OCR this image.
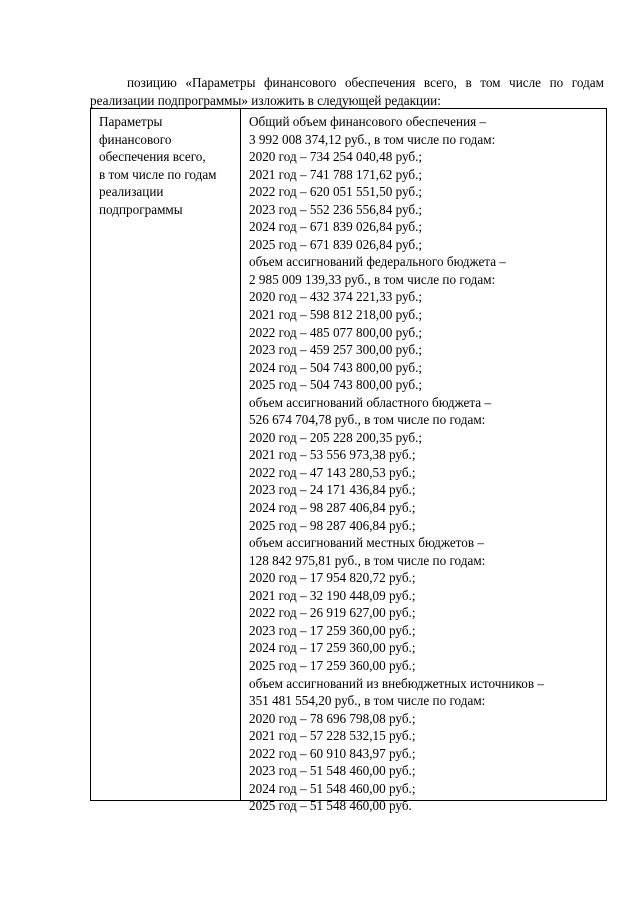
позицию «Параметры финансового обеспечения всего, в том числе по годам реализации подпрограммы» изложить в следующей редакции:

Параметры
финансового
обеспечения всего,
в том числе по годам
реализации
подпрограммы
Общий объем финансового обеспечения –
3 992 008 374,12 руб., в том числе по годам:
2020 год – 734 254 040,48 руб.;
2021 год – 741 788 171,62 руб.;
2022 год – 620 051 551,50 руб.;
2023 год – 552 236 556,84 руб.;
2024 год – 671 839 026,84 руб.;
2025 год – 671 839 026,84 руб.;
объем ассигнований федерального бюджета –
2 985 009 139,33 руб., в том числе по годам:
2020 год – 432 374 221,33 руб.;
2021 год – 598 812 218,00 руб.;
2022 год – 485 077 800,00 руб.;
2023 год – 459 257 300,00 руб.;
2024 год – 504 743 800,00 руб.;
2025 год – 504 743 800,00 руб.;
объем ассигнований областного бюджета –
526 674 704,78 руб., в том числе по годам:
2020 год – 205 228 200,35 руб.;
2021 год – 53 556 973,38 руб.;
2022 год – 47 143 280,53 руб.;
2023 год – 24 171 436,84 руб.;
2024 год – 98 287 406,84 руб.;
2025 год – 98 287 406,84 руб.;
объем ассигнований местных бюджетов –
128 842 975,81 руб., в том числе по годам:
2020 год – 17 954 820,72 руб.;
2021 год – 32 190 448,09 руб.;
2022 год – 26 919 627,00 руб.;
2023 год – 17 259 360,00 руб.;
2024 год – 17 259 360,00 руб.;
2025 год – 17 259 360,00 руб.;
объем ассигнований из внебюджетных источников –
351 481 554,20 руб., в том числе по годам:
2020 год – 78 696 798,08 руб.;
2021 год – 57 228 532,15 руб.;
2022 год – 60 910 843,97 руб.;
2023 год – 51 548 460,00 руб.;
2024 год – 51 548 460,00 руб.;
2025 год – 51 548 460,00 руб.
